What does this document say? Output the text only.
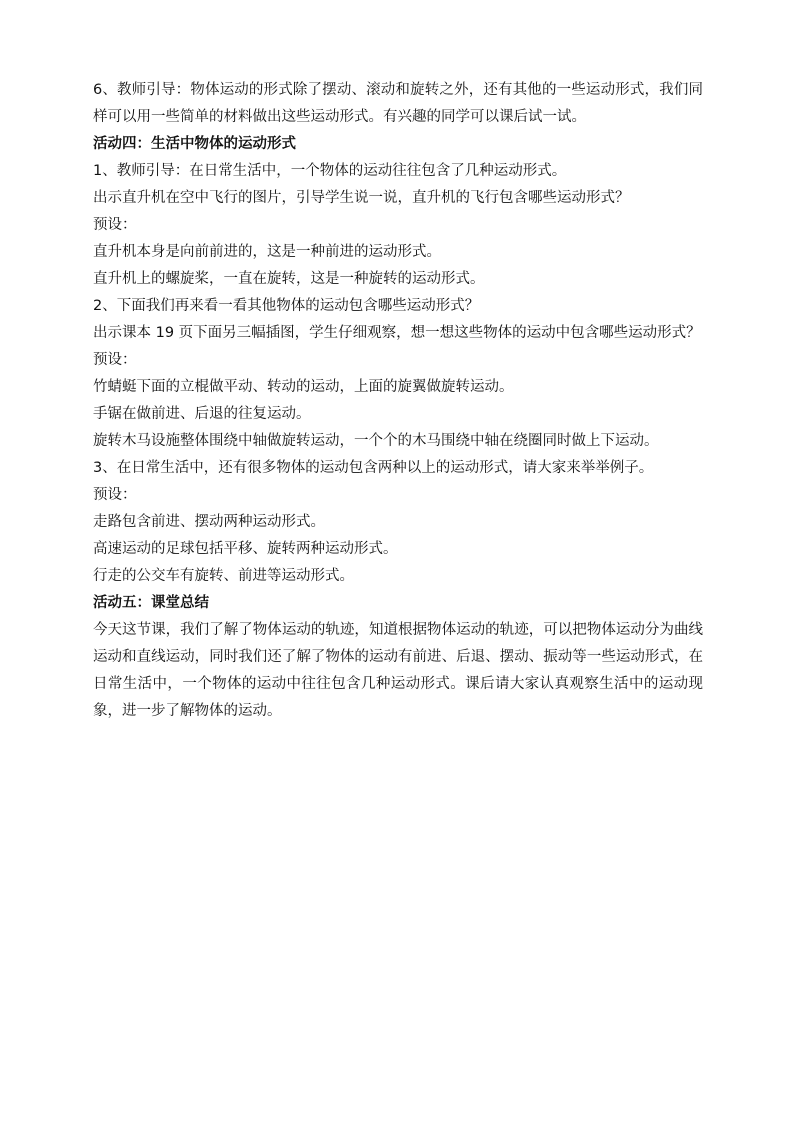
6、教师引导：物体运动的形式除了摆动、滚动和旋转之外，还有其他的一些运动形式，我们同样可以用一些简单的材料做出这些运动形式。有兴趣的同学可以课后试一试。

活动四：生活中物体的运动形式

1、教师引导：在日常生活中，一个物体的运动往往包含了几种运动形式。

出示直升机在空中飞行的图片，引导学生说一说，直升机的飞行包含哪些运动形式？

预设：

直升机本身是向前前进的，这是一种前进的运动形式。

直升机上的螺旋桨，一直在旋转，这是一种旋转的运动形式。

2、下面我们再来看一看其他物体的运动包含哪些运动形式？

出示课本 19 页下面另三幅插图，学生仔细观察，想一想这些物体的运动中包含哪些运动形式？

预设：

竹蜻蜓下面的立棍做平动、转动的运动，上面的旋翼做旋转运动。

手锯在做前进、后退的往复运动。

旋转木马设施整体围绕中轴做旋转运动，一个个的木马围绕中轴在绕圈同时做上下运动。

3、在日常生活中，还有很多物体的运动包含两种以上的运动形式，请大家来举举例子。

预设：

走路包含前进、摆动两种运动形式。

高速运动的足球包括平移、旋转两种运动形式。

行走的公交车有旋转、前进等运动形式。

活动五：课堂总结

今天这节课，我们了解了物体运动的轨迹，知道根据物体运动的轨迹，可以把物体运动分为曲线运动和直线运动，同时我们还了解了物体的运动有前进、后退、摆动、振动等一些运动形式，在日常生活中，一个物体的运动中往往包含几种运动形式。课后请大家认真观察生活中的运动现象，进一步了解物体的运动。
